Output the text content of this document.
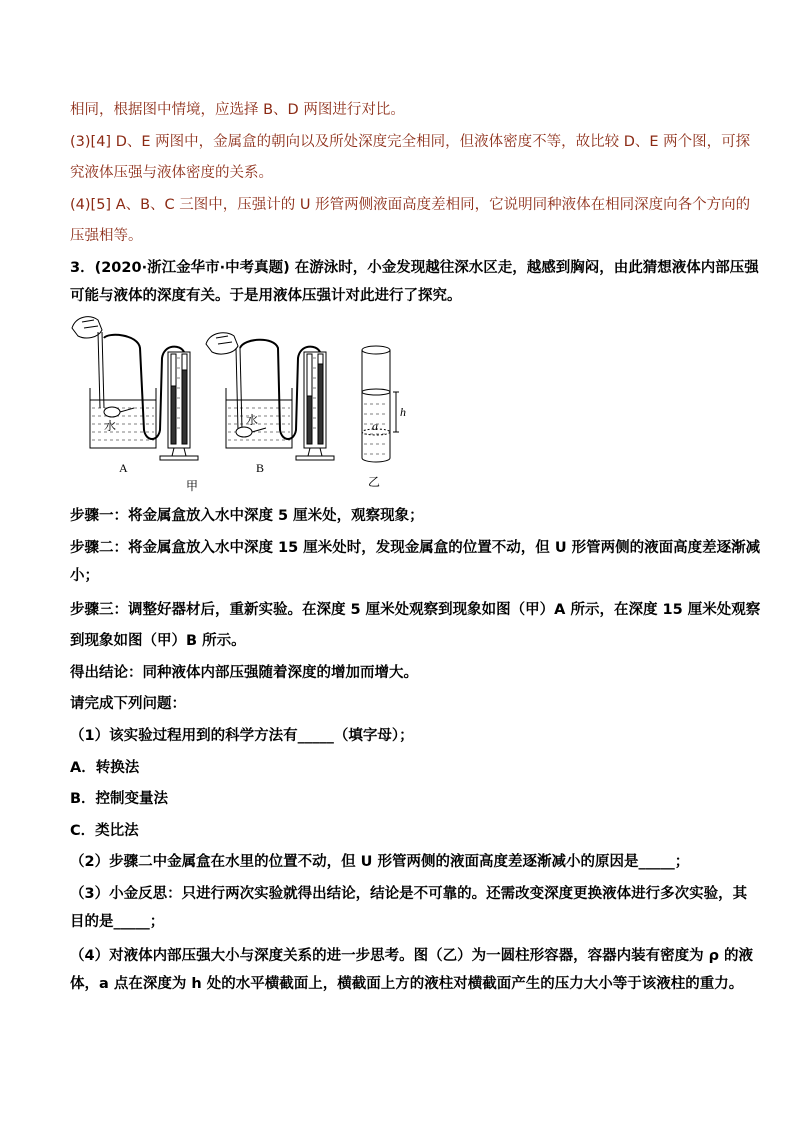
相同，根据图中情境，应选择 B、D 两图进行对比。
(3)[4] D、E 两图中，金属盒的朝向以及所处深度完全相同，但液体密度不等，故比较 D、E 两个图，可探
究液体压强与液体密度的关系。
(4)[5] A、B、C 三图中，压强计的 U 形管两侧液面高度差相同，它说明同种液体在相同深度向各个方向的
压强相等。
3．(2020·浙江金华市·中考真题) 在游泳时，小金发现越往深水区走，越感到胸闷，由此猜想液体内部压强
可能与液体的深度有关。于是用液体压强计对此进行了探究。
水	水
A	B
甲	乙
h
a
步骤一：将金属盒放入水中深度 5 厘米处，观察现象；
步骤二：将金属盒放入水中深度 15 厘米处时，发现金属盒的位置不动，但 U 形管两侧的液面高度差逐渐减
小；
步骤三：调整好器材后，重新实验。在深度 5 厘米处观察到现象如图（甲）A 所示，在深度 15 厘米处观察
到现象如图（甲）B 所示。
得出结论：同种液体内部压强随着深度的增加而增大。
请完成下列问题：
（1）该实验过程用到的科学方法有_____（填字母）；
A．转换法
B．控制变量法
C．类比法
（2）步骤二中金属盒在水里的位置不动，但 U 形管两侧的液面高度差逐渐减小的原因是_____；
（3）小金反思：只进行两次实验就得出结论，结论是不可靠的。还需改变深度更换液体进行多次实验，其
目的是_____；
（4）对液体内部压强大小与深度关系的进一步思考。图（乙）为一圆柱形容器，容器内装有密度为 ρ 的液
体，a 点在深度为 h 处的水平横截面上，横截面上方的液柱对横截面产生的压力大小等于该液柱的重力。
